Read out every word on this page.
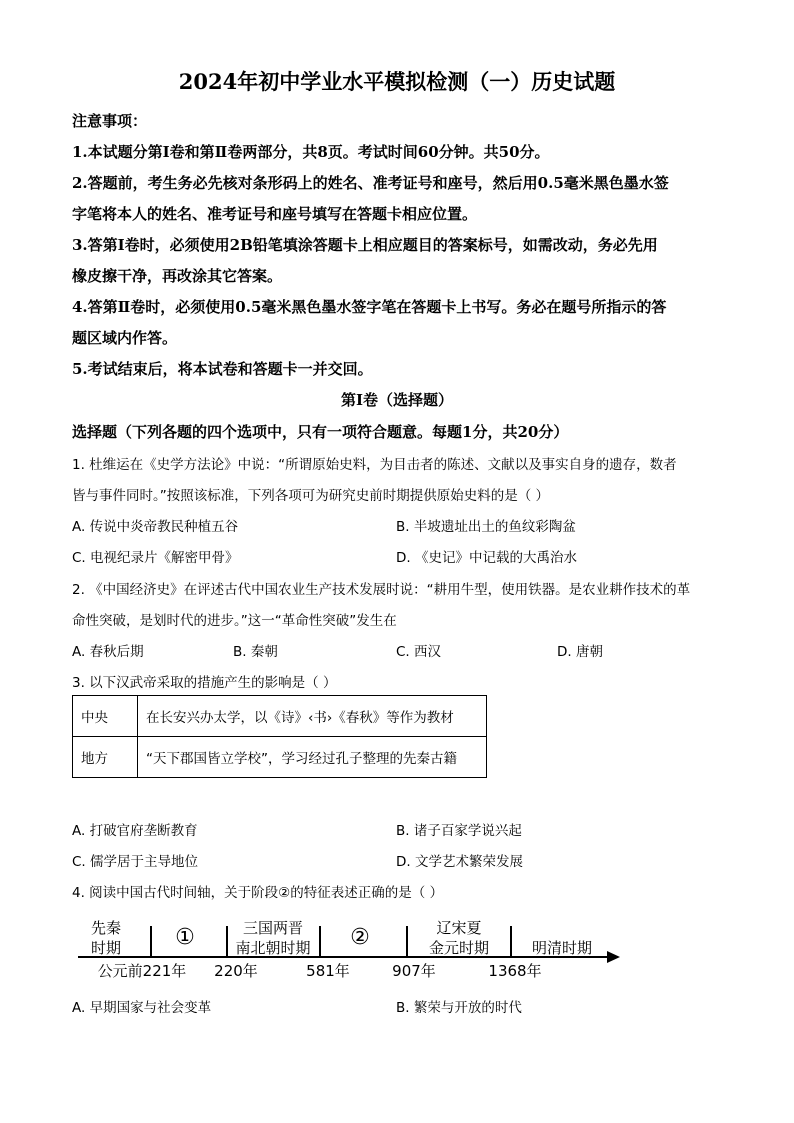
2024年初中学业水平模拟检测（一）历史试题
注意事项：
1.本试题分第Ⅰ卷和第Ⅱ卷两部分，共8页。考试时间60分钟。共50分。
2.答题前，考生务必先核对条形码上的姓名、准考证号和座号，然后用0.5毫米黑色墨水签
字笔将本人的姓名、准考证号和座号填写在答题卡相应位置。
3.答第Ⅰ卷时，必须使用2B铅笔填涂答题卡上相应题目的答案标号，如需改动，务必先用
橡皮擦干净，再改涂其它答案。
4.答第Ⅱ卷时，必须使用0.5毫米黑色墨水签字笔在答题卡上书写。务必在题号所指示的答
题区域内作答。
5.考试结束后，将本试卷和答题卡一并交回。
第Ⅰ卷（选择题）
选择题（下列各题的四个选项中，只有一项符合题意。每题1分，共20分）
1. 杜维运在《史学方法论》中说：“所谓原始史料，为目击者的陈述、文献以及事实自身的遗存，数者
皆与事件同时。”按照该标准，下列各项可为研究史前时期提供原始史料的是（ ）
A. 传说中炎帝教民种植五谷	B. 半坡遗址出土的鱼纹彩陶盆
C. 电视纪录片《解密甲骨》	D. 《史记》中记载的大禹治水
2. 《中国经济史》在评述古代中国农业生产技术发展时说：“耕用牛型，使用铁器。是农业耕作技术的革
命性突破，是划时代的进步。”这一“革命性突破”发生在
A. 春秋后期	B. 秦朝	C. 西汉	D. 唐朝
3. 以下汉武帝采取的措施产生的影响是（ ）
中央	在长安兴办太学，以《诗》‹书›《春秋》等作为教材
地方	“天下郡国皆立学校”，学习经过孔子整理的先秦古籍
A. 打破官府垄断教育	B. 诸子百家学说兴起
C. 儒学居于主导地位	D. 文学艺术繁荣发展
4. 阅读中国古代时间轴，关于阶段②的特征表述正确的是（ ）
先秦
时期	①	三国两晋
南北朝时期	②	辽宋夏
金元时期	明清时期
公元前221年	220年	581年	907年	1368年
A. 早期国家与社会变革	B. 繁荣与开放的时代
